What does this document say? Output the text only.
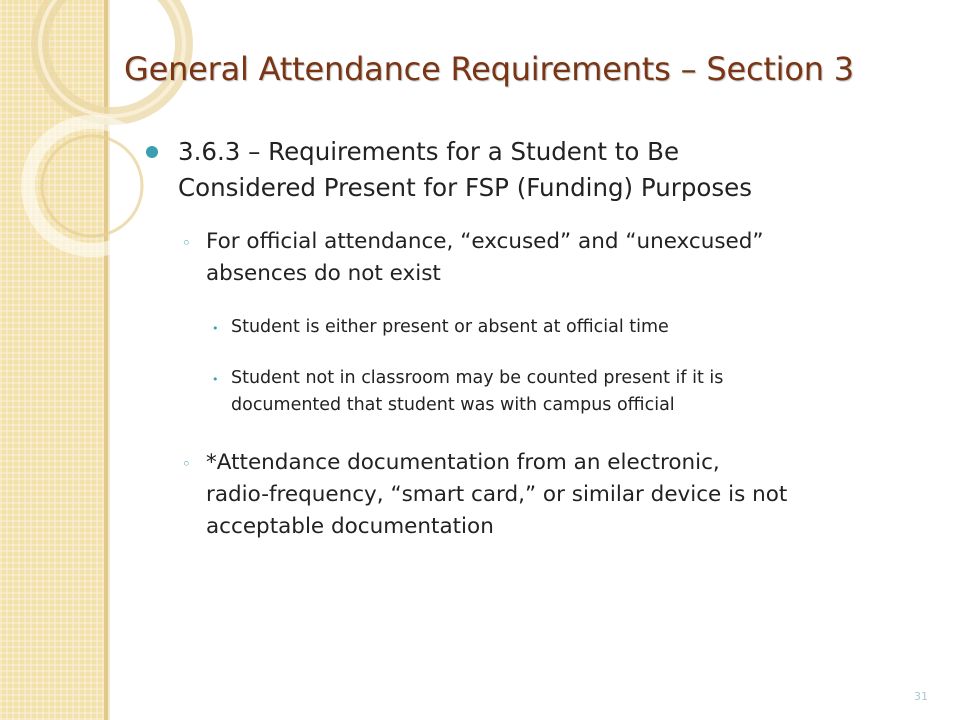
General Attendance Requirements – Section 3
3.6.3 – Requirements for a Student to Be
Considered Present for FSP (Funding) Purposes
◦ For official attendance, “excused” and “unexcused”
absences do not exist
• Student is either present or absent at official time
• Student not in classroom may be counted present if it is
documented that student was with campus official
◦ *Attendance documentation from an electronic,
radio-frequency, “smart card,” or similar device is not
acceptable documentation
31
